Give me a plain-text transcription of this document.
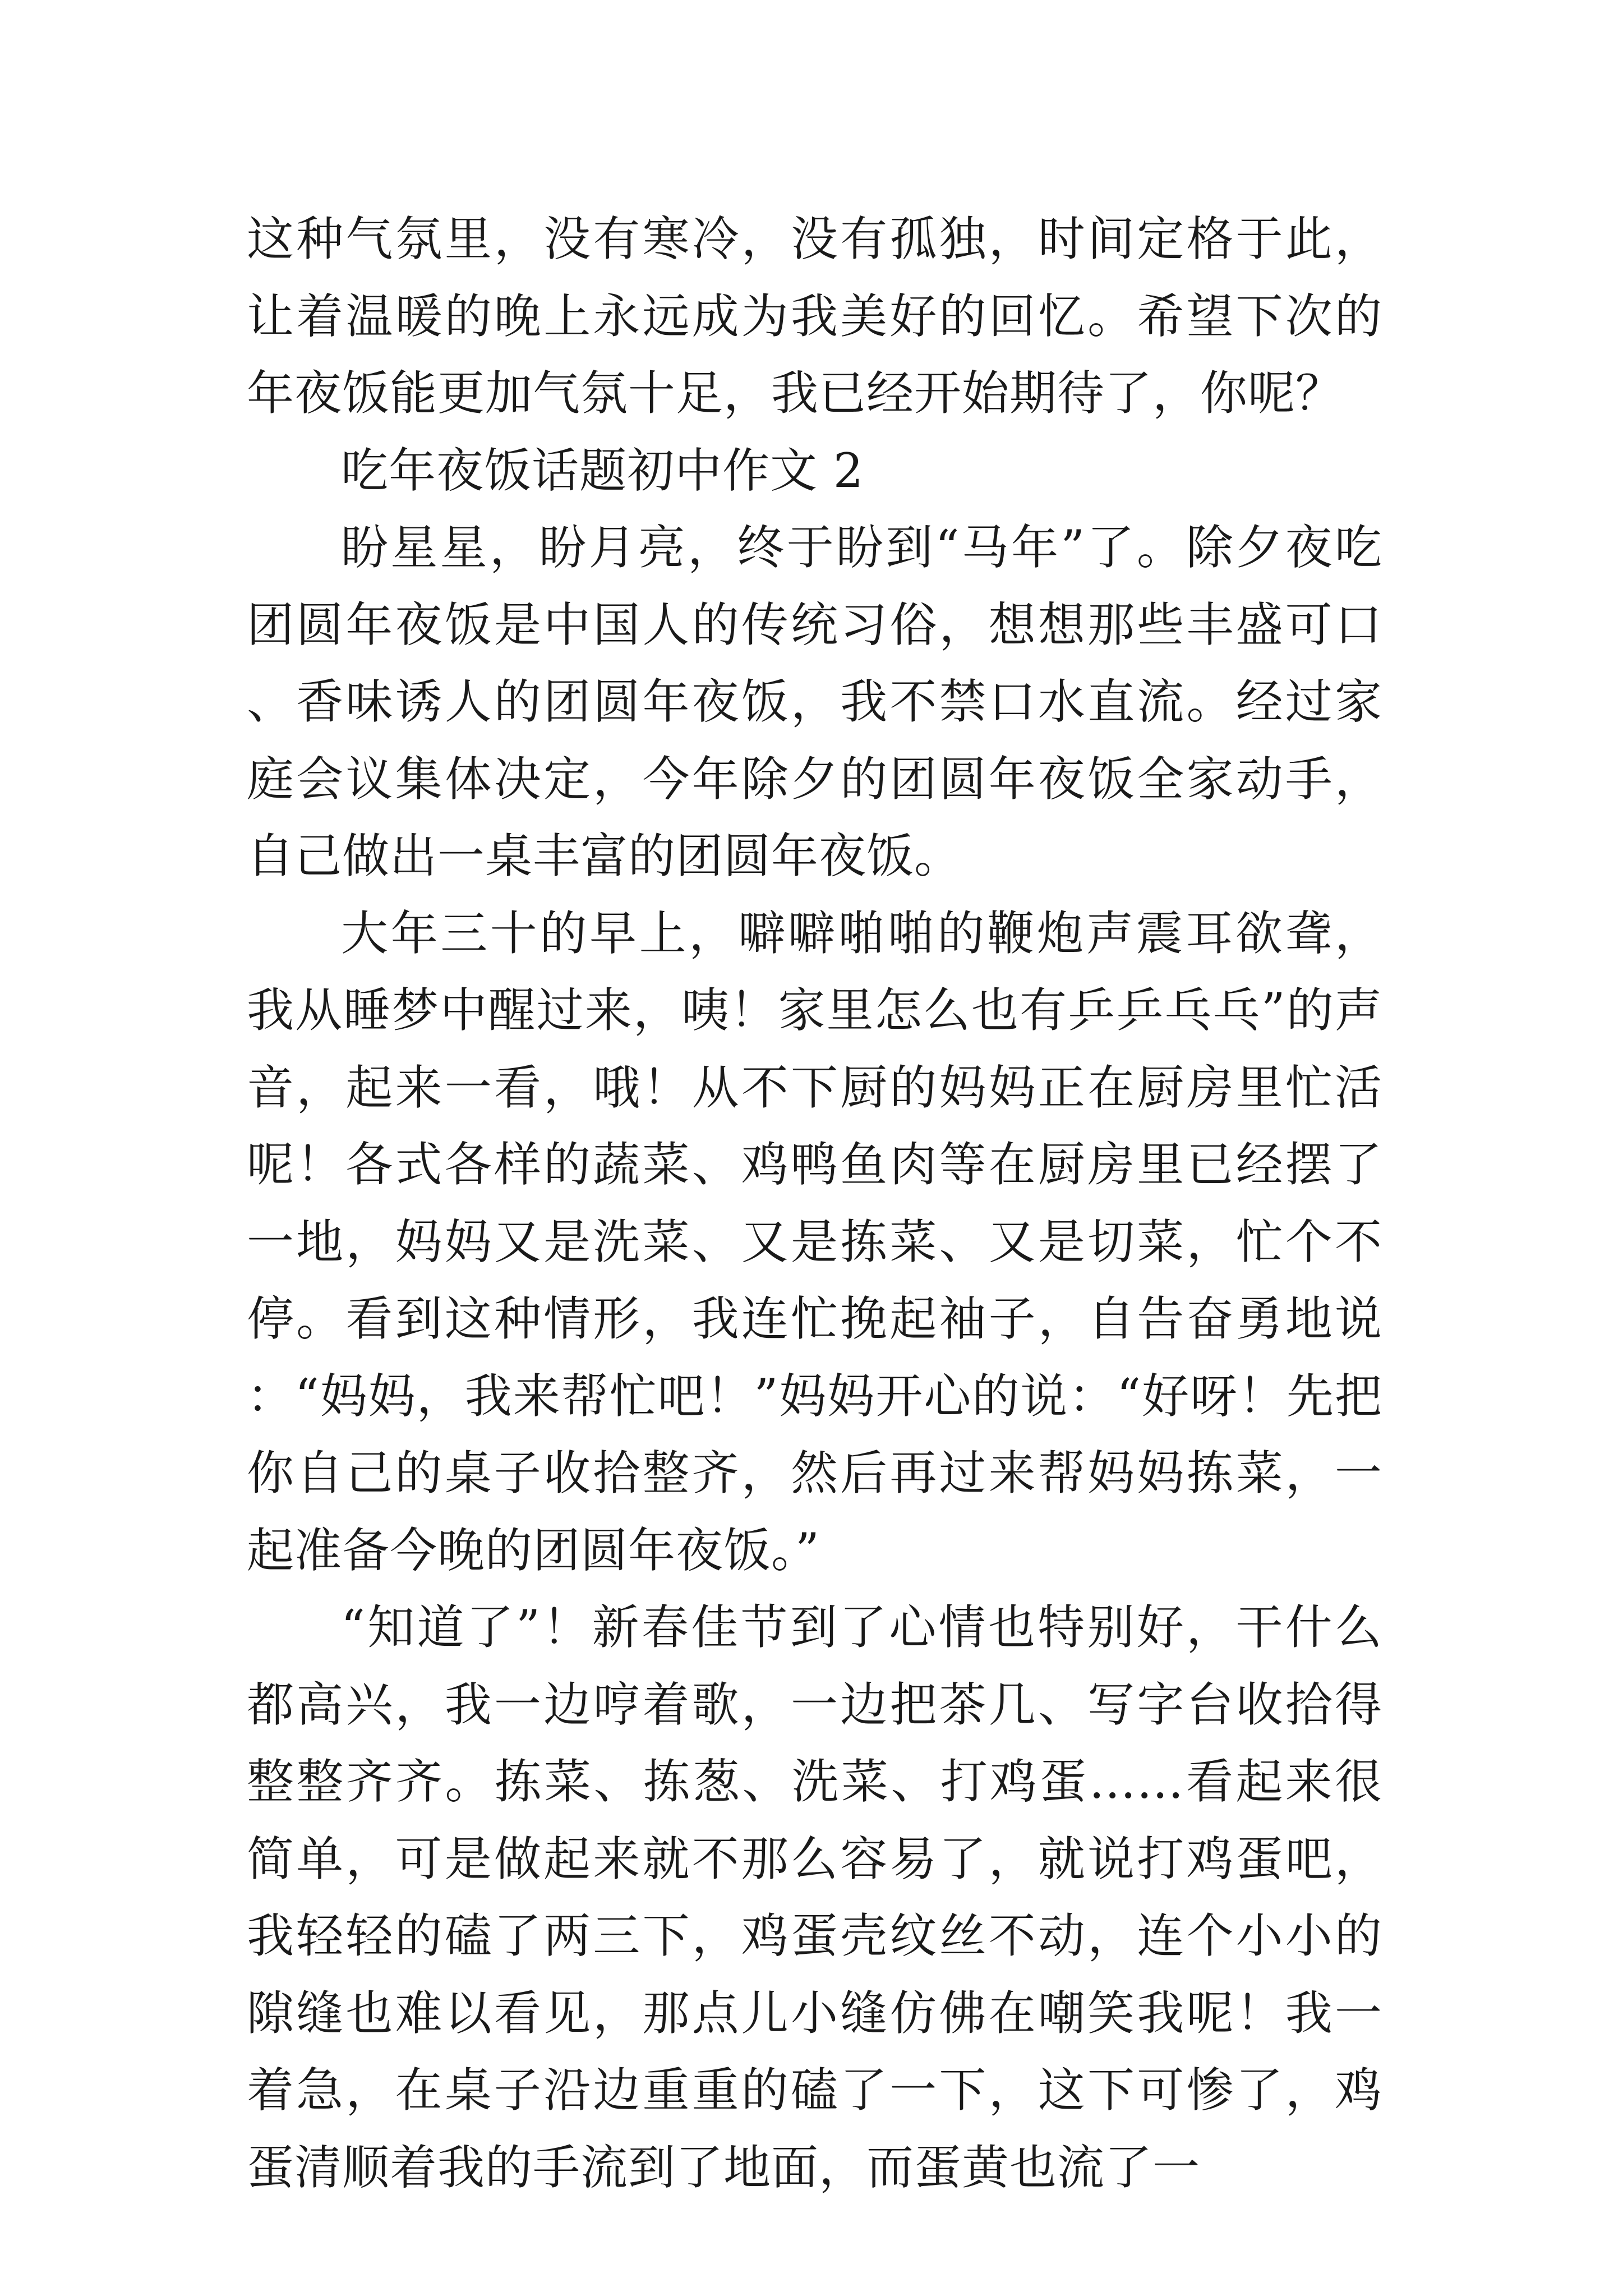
这种气氛里，没有寒冷，没有孤独，时间定格于此，让着温暖的晚上永远成为我美好的回忆。希望下次的年夜饭能更加气氛十足，我已经开始期待了，你呢？

吃年夜饭话题初中作文 2

盼星星，盼月亮，终于盼到“马年”了。除夕夜吃团圆年夜饭是中国人的传统习俗，想想那些丰盛可口、香味诱人的团圆年夜饭，我不禁口水直流。经过家庭会议集体决定，今年除夕的团圆年夜饭全家动手，自己做出一桌丰富的团圆年夜饭。

大年三十的早上，噼噼啪啪的鞭炮声震耳欲聋，我从睡梦中醒过来，咦！家里怎么也有乒乒乓乓”的声音，起来一看，哦！从不下厨的妈妈正在厨房里忙活呢！各式各样的蔬菜、鸡鸭鱼肉等在厨房里已经摆了一地，妈妈又是洗菜、又是拣菜、又是切菜，忙个不停。看到这种情形，我连忙挽起袖子，自告奋勇地说：“妈妈，我来帮忙吧！”妈妈开心的说：“好呀！先把你自己的桌子收拾整齐，然后再过来帮妈妈拣菜，一起准备今晚的团圆年夜饭。”

“知道了”！新春佳节到了心情也特别好，干什么都高兴，我一边哼着歌，一边把茶几、写字台收拾得整整齐齐。拣菜、拣葱、洗菜、打鸡蛋……看起来很简单，可是做起来就不那么容易了，就说打鸡蛋吧，我轻轻的磕了两三下，鸡蛋壳纹丝不动，连个小小的隙缝也难以看见，那点儿小缝仿佛在嘲笑我呢！我一着急，在桌子沿边重重的磕了一下，这下可惨了，鸡蛋清顺着我的手流到了地面，而蛋黄也流了一
